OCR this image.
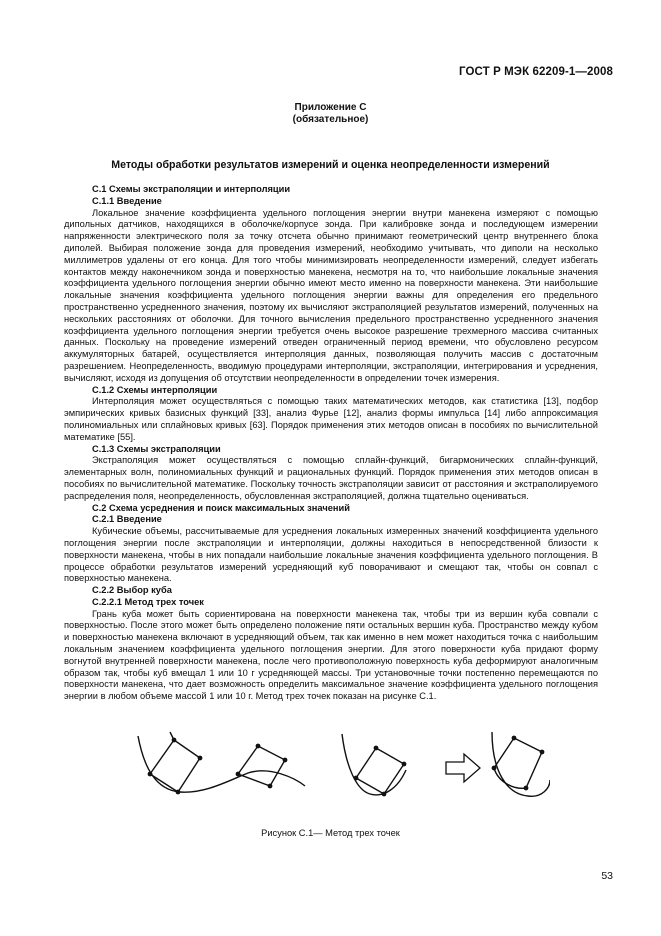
ГОСТ Р МЭК 62209-1—2008
Приложение С
(обязательное)
Методы обработки результатов измерений и оценка неопределенности измерений
С.1 Схемы экстраполяции и интерполяции
С.1.1 Введение

Локальное значение коэффициента удельного поглощения энергии внутри манекена измеряют с помощью дипольных датчиков, находящихся в оболочке/корпусе зонда. При калибровке зонда и последующем измерении напряженности электрического поля за точку отсчета обычно принимают геометрический центр внутреннего блока диполей. Выбирая положение зонда для проведения измерений, необходимо учитывать, что диполи на несколько миллиметров удалены от его конца. Для того чтобы минимизировать неопределенности измерений, следует избегать контактов между наконечником зонда и поверхностью манекена, несмотря на то, что наибольшие локальные значения коэффициента удельного поглощения энергии обычно имеют место именно на поверхности манекена. Эти наибольшие локальные значения коэффициента удельного поглощения энергии важны для определения его предельного пространственно усредненного значения, поэтому их вычисляют экстраполяцией результатов измерений, полученных на нескольких расстояниях от оболочки. Для точного вычисления предельного пространственно усредненного значения коэффициента удельного поглощения энергии требуется очень высокое разрешение трехмерного массива считанных данных. Поскольку на проведение измерений отведен ограниченный период времени, что обусловлено ресурсом аккумуляторных батарей, осуществляется интерполяция данных, позволяющая получить массив с достаточным разрешением. Неопределенность, вводимую процедурами интерполяции, экстраполяции, интегрирования и усреднения, вычисляют, исходя из допущения об отсутствии неопределенности в определении точек измерения.

С.1.2 Схемы интерполяции

Интерполяция может осуществляться с помощью таких математических методов, как статистика [13], подбор эмпирических кривых базисных функций [33], анализ Фурье [12], анализ формы импульса [14] либо аппроксимация полиномиальных или сплайновых кривых [63]. Порядок применения этих методов описан в пособиях по вычислительной математике [55].

С.1.3 Схемы экстраполяции

Экстраполяция может осуществляться с помощью сплайн-функций, бигармонических сплайн-функций, элементарных волн, полиномиальных функций и рациональных функций. Порядок применения этих методов описан в пособиях по вычислительной математике. Поскольку точность экстраполяции зависит от расстояния и экстраполируемого распределения поля, неопределенность, обусловленная экстраполяцией, должна тщательно оцениваться.

С.2 Схема усреднения и поиск максимальных значений
С.2.1 Введение

Кубические объемы, рассчитываемые для усреднения локальных измеренных значений коэффициента удельного поглощения энергии после экстраполяции и интерполяции, должны находиться в непосредственной близости к поверхности манекена, чтобы в них попадали наибольшие локальные значения коэффициента удельного поглощения. В процессе обработки результатов измерений усредняющий куб поворачивают и смещают так, чтобы он совпал с поверхностью манекена.

С.2.2 Выбор куба
С.2.2.1 Метод трех точек

Грань куба может быть сориентирована на поверхности манекена так, чтобы три из вершин куба совпали с поверхностью. После этого может быть определено положение пяти остальных вершин куба. Пространство между кубом и поверхностью манекена включают в усредняющий объем, так как именно в нем может находиться точка с наибольшим локальным значением коэффициента удельного поглощения энергии. Для этого поверхности куба придают форму вогнутой внутренней поверхности манекена, после чего противоположную поверхность куба деформируют аналогичным образом так, чтобы куб вмещал 1 или 10 г усредняющей массы. Три установочные точки постепенно перемещаются по поверхности манекена, что дает возможность определить максимальное значение коэффициента удельного поглощения энергии в любом объеме массой 1 или 10 г. Метод трех точек показан на рисунке С.1.

Рисунок С.1— Метод трех точек
53
